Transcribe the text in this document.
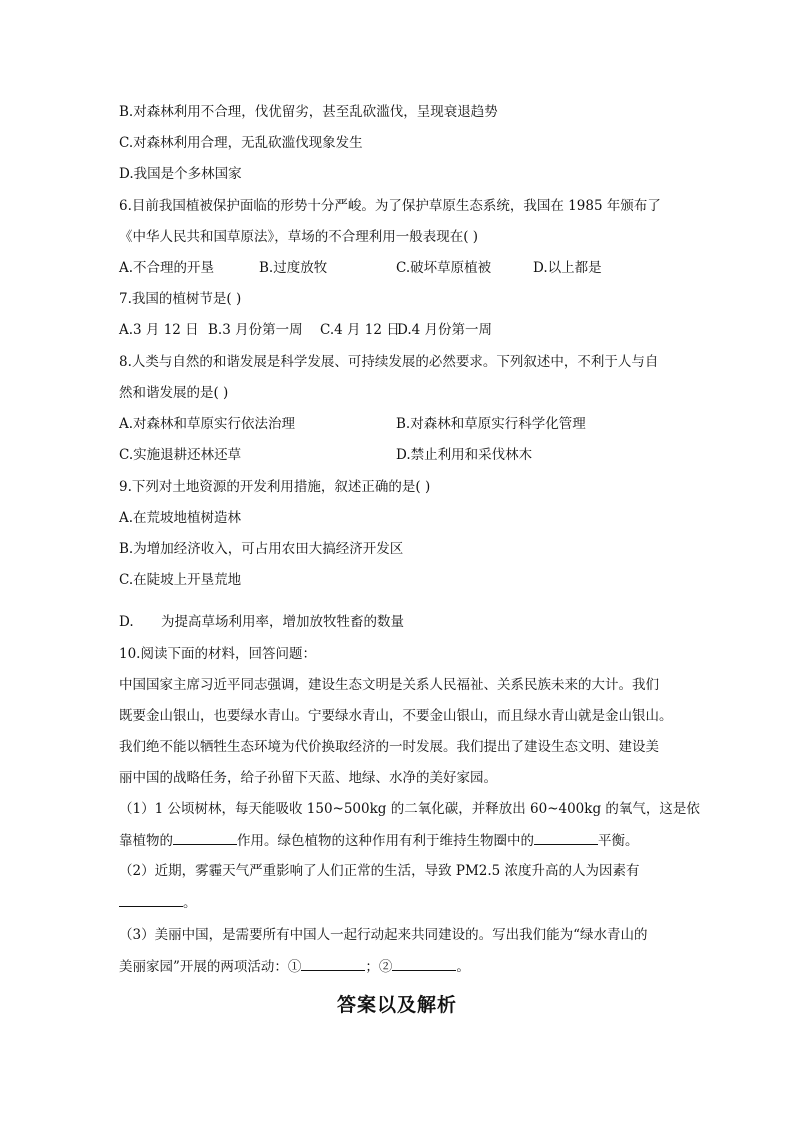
B.对森林利用不合理，伐优留劣，甚至乱砍滥伐，呈现衰退趋势
C.对森林利用合理，无乱砍滥伐现象发生
D.我国是个多林国家
6.目前我国植被保护面临的形势十分严峻。为了保护草原生态系统，我国在 1985 年颁布了
《中华人民共和国草原法》，草场的不合理利用一般表现在( )
A.不合理的开垦	B.过度放牧	C.破坏草原植被	D.以上都是
7.我国的植树节是( )
A.3 月 12 日 B.3 月份第一周 C.4 月 12 日
D.4 月份第一周
8.人类与自然的和谐发展是科学发展、可持续发展的必然要求。下列叙述中，不利于人与自
然和谐发展的是( )
A.对森林和草原实行依法治理	B.对森林和草原实行科学化管理
C.实施退耕还林还草	D.禁止利用和采伐林木
9.下列对土地资源的开发利用措施，叙述正确的是( )
A.在荒坡地植树造林
B.为增加经济收入，可占用农田大搞经济开发区
C.在陡坡上开垦荒地
D. 为提高草场利用率，增加放牧牲畜的数量
10.阅读下面的材料，回答问题：
中国国家主席习近平同志强调，建设生态文明是关系人民福祉、关系民族未来的大计。我们
既要金山银山，也要绿水青山。宁要绿水青山，不要金山银山，而且绿水青山就是金山银山。
我们绝不能以牺牲生态环境为代价换取经济的一时发展。我们提出了建设生态文明、建设美
丽中国的战略任务，给子孙留下天蓝、地绿、水净的美好家园。
（1）1 公顷树林，每天能吸收 150~500kg 的二氧化碳，并释放出 60~400kg 的氧气，这是依
靠植物的	作用。绿色植物的这种作用有利于维持生物圈中的	平衡。
（2）近期，雾霾天气严重影响了人们正常的生活，导致 PM2.5 浓度升高的人为因素有
。
（3）美丽中国，是需要所有中国人一起行动起来共同建设的。写出我们能为“绿水青山的
美丽家园”开展的两项活动：①	；②	。
答案以及解析
